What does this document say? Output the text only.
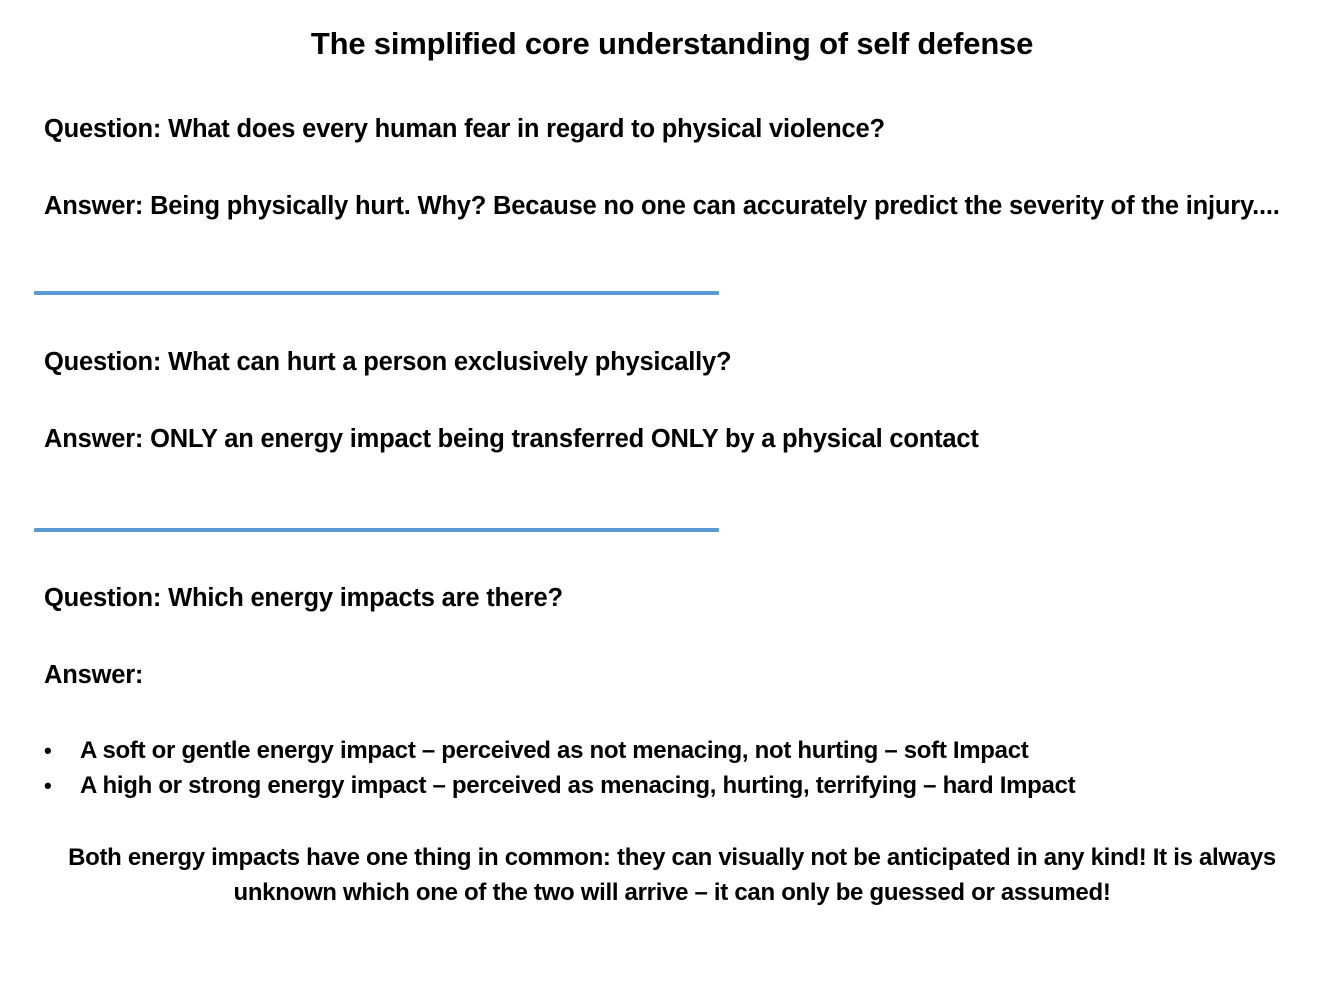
The simplified core understanding of self defense
Question: What does every human fear in regard to physical violence?
Answer: Being physically hurt. Why? Because no one can accurately predict the severity of the injury....
Question: What can hurt a person exclusively physically?
Answer: ONLY an energy impact being transferred ONLY by a physical contact
Question: Which energy impacts are there?
Answer:
• A soft or gentle energy impact – perceived as not menacing, not hurting – soft Impact
• A high or strong energy impact – perceived as menacing, hurting, terrifying – hard Impact
Both energy impacts have one thing in common: they can visually not be anticipated in any kind! It is always unknown which one of the two will arrive – it can only be guessed or assumed!
